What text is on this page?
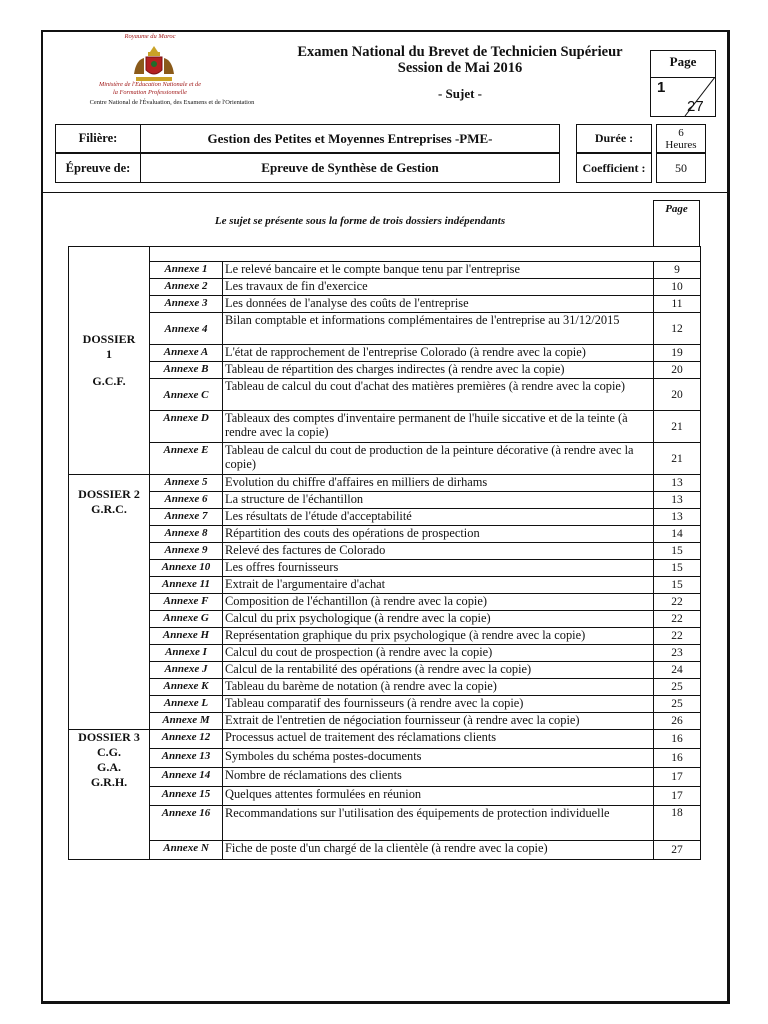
Royaume du Maroc
Ministère de l'Education Nationale et de
la Formation Professionnelle
Centre National de l'Évaluation, des Examens et de l'Orientation
Examen National du Brevet de Technicien Supérieur
Session de Mai 2016
- Sujet -
Page
1
27
Filière:	Gestion des Petites et Moyennes Entreprises -PME-
Épreuve de:	Epreuve de Synthèse de Gestion
Durée :	6
Heures
Coefficient :	50
Le sujet se présente sous la forme de trois dossiers indépendants
Page
DOSSIER
1
G.C.F.			

	Annexe 1	Le relevé bancaire et le compte banque tenu par l'entreprise	9
	Annexe 2	Les travaux de fin d'exercice	10
	Annexe 3	Les données de l'analyse des coûts de l'entreprise	11
	Annexe 4	Bilan comptable et informations complémentaires de l'entreprise au 31/12/2015	12
	Annexe A	L'état de rapprochement de l'entreprise Colorado (à rendre avec la copie)	19
	Annexe B	Tableau de répartition des charges indirectes (à rendre avec la copie)	20
	Annexe C	Tableau de calcul du cout d'achat des matières premières (à rendre avec la copie)	20
	Annexe D	Tableaux des comptes d'inventaire permanent de l'huile siccative et de la teinte (à rendre avec la copie)	21
	Annexe E	Tableau de calcul du cout de production de la peinture décorative (à rendre avec la copie)	21

DOSSIER 2
G.R.C.	Annexe 5	Evolution du chiffre d'affaires en milliers de dirhams	13
	Annexe 6	La structure de l'échantillon	13
	Annexe 7	Les résultats de l'étude d'acceptabilité	13
	Annexe 8	Répartition des couts des opérations de prospection	14
	Annexe 9	Relevé des factures de Colorado	15
	Annexe 10	Les offres fournisseurs	15
	Annexe 11	Extrait de l'argumentaire d'achat	15
	Annexe F	Composition de l'échantillon (à rendre avec la copie)	22
	Annexe G	Calcul du prix psychologique (à rendre avec la copie)	22
	Annexe H	Représentation graphique du prix psychologique (à rendre avec la copie)	22
	Annexe I	Calcul du cout de prospection (à rendre avec la copie)	23
	Annexe J	Calcul de la rentabilité des opérations (à rendre avec la copie)	24
	Annexe K	Tableau du barème de notation (à rendre avec la copie)	25
	Annexe L	Tableau comparatif des fournisseurs (à rendre avec la copie)	25
	Annexe M	Extrait de l'entretien de négociation fournisseur (à rendre avec la copie)	26

DOSSIER 3
C.G.
G.A.
G.R.H.	Annexe 12	Processus actuel de traitement des réclamations clients	16
	Annexe 13	Symboles du schéma postes-documents	16
	Annexe 14	Nombre de réclamations des clients	17
	Annexe 15	Quelques attentes formulées en réunion	17
	Annexe 16	Recommandations sur l'utilisation des équipements de protection individuelle	18
	Annexe N	Fiche de poste d'un chargé de la clientèle (à rendre avec la copie)	27
